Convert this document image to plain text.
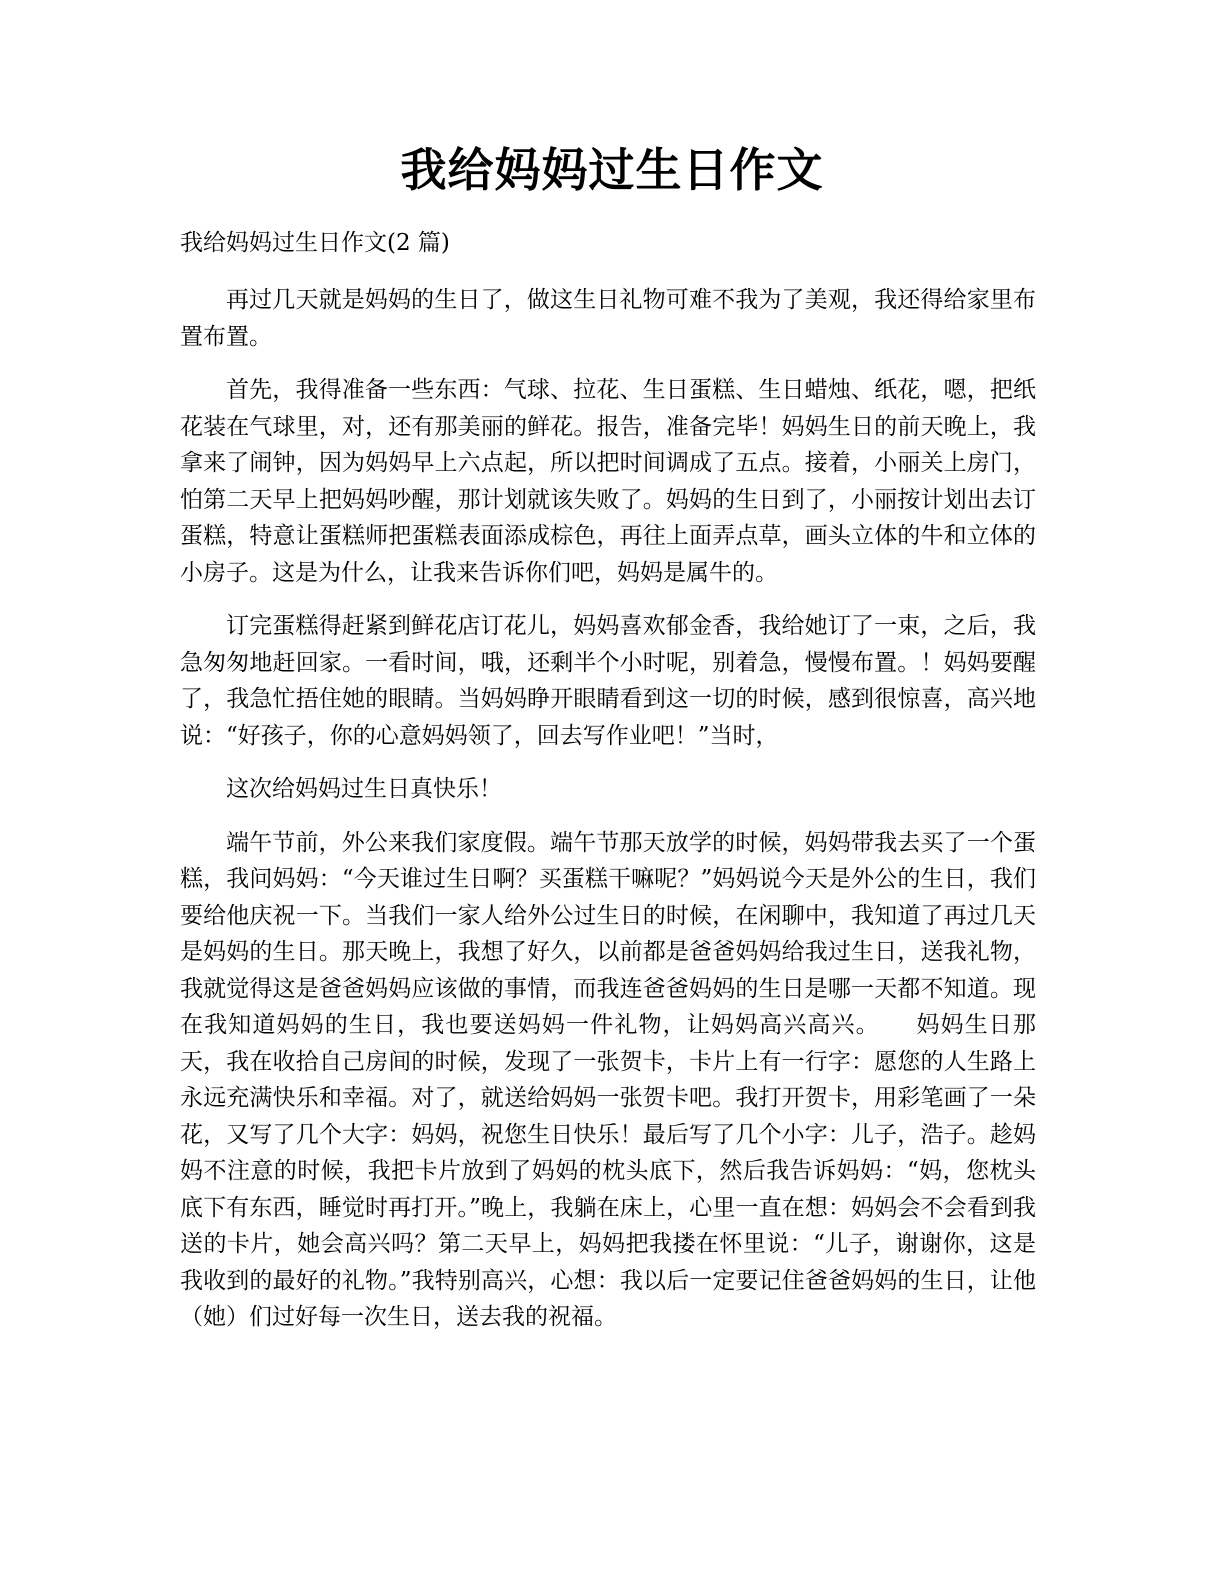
我给妈妈过生日作文
我给妈妈过生日作文(2 篇)

再过几天就是妈妈的生日了，做这生日礼物可难不我为了美观，我还得给家里布置布置。

首先，我得准备一些东西：气球、拉花、生日蛋糕、生日蜡烛、纸花，嗯，把纸花装在气球里，对，还有那美丽的鲜花。报告，准备完毕！妈妈生日的前天晚上，我拿来了闹钟，因为妈妈早上六点起，所以把时间调成了五点。接着，小丽关上房门，怕第二天早上把妈妈吵醒，那计划就该失败了。妈妈的生日到了，小丽按计划出去订蛋糕，特意让蛋糕师把蛋糕表面添成棕色，再往上面弄点草，画头立体的牛和立体的小房子。这是为什么，让我来告诉你们吧，妈妈是属牛的。

订完蛋糕得赶紧到鲜花店订花儿，妈妈喜欢郁金香，我给她订了一束，之后，我急匆匆地赶回家。一看时间，哦，还剩半个小时呢，别着急，慢慢布置。！妈妈要醒了，我急忙捂住她的眼睛。当妈妈睁开眼睛看到这一切的时候，感到很惊喜，高兴地说：“好孩子，你的心意妈妈领了，回去写作业吧！”当时，

这次给妈妈过生日真快乐！

端午节前，外公来我们家度假。端午节那天放学的时候，妈妈带我去买了一个蛋糕，我问妈妈：“今天谁过生日啊？买蛋糕干嘛呢？”妈妈说今天是外公的生日，我们要给他庆祝一下。当我们一家人给外公过生日的时候，在闲聊中，我知道了再过几天是妈妈的生日。那天晚上，我想了好久，以前都是爸爸妈妈给我过生日，送我礼物，我就觉得这是爸爸妈妈应该做的事情，而我连爸爸妈妈的生日是哪一天都不知道。现在我知道妈妈的生日，我也要送妈妈一件礼物，让妈妈高兴高兴。　　妈妈生日那天，我在收拾自己房间的时候，发现了一张贺卡，卡片上有一行字：愿您的人生路上永远充满快乐和幸福。对了，就送给妈妈一张贺卡吧。我打开贺卡，用彩笔画了一朵花，又写了几个大字：妈妈，祝您生日快乐！最后写了几个小字：儿子，浩子。趁妈妈不注意的时候，我把卡片放到了妈妈的枕头底下，然后我告诉妈妈：“妈，您枕头底下有东西，睡觉时再打开。”晚上，我躺在床上，心里一直在想：妈妈会不会看到我送的卡片，她会高兴吗？第二天早上，妈妈把我搂在怀里说：“儿子，谢谢你，这是我收到的最好的礼物。”我特别高兴，心想：我以后一定要记住爸爸妈妈的生日，让他（她）们过好每一次生日，送去我的祝福。
